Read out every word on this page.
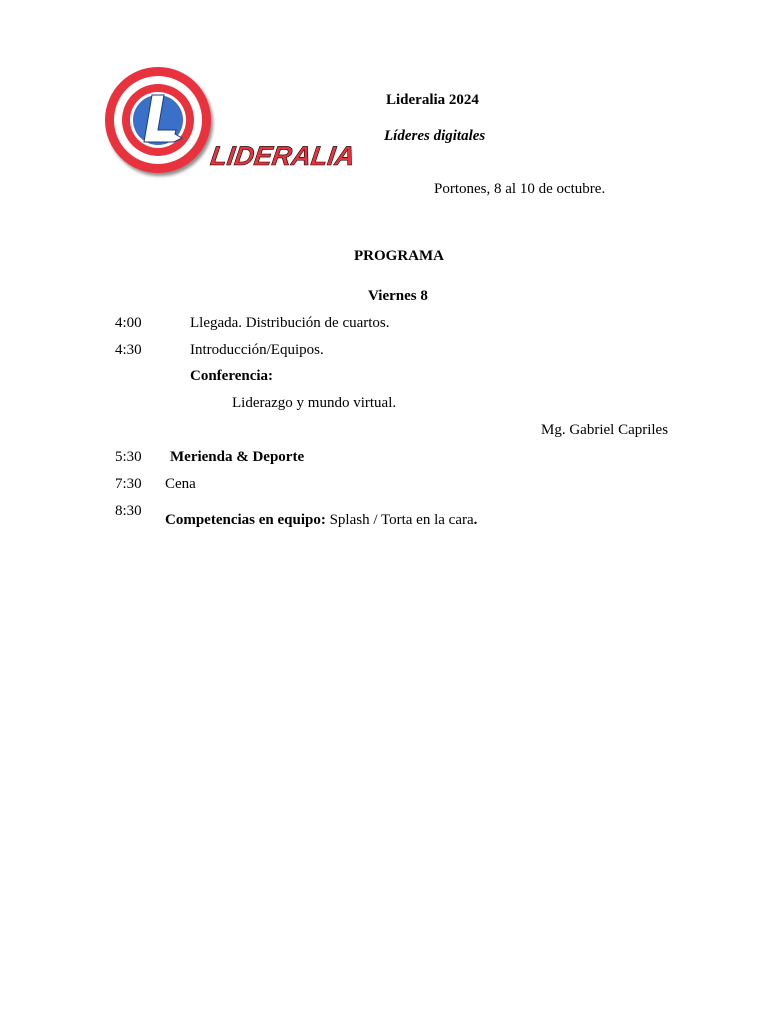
LIDERALIA
Lideralia 2024
Líderes digitales
Portones, 8 al 10 de octubre.
PROGRAMA
Viernes 8
4:00	Llegada. Distribución de cuartos.
4:30	Introducción/Equipos.
Conferencia:
Liderazgo y mundo virtual.
Mg. Gabriel Capriles
5:30 Merienda & Deporte
7:30 Cena
8:30
Competencias en equipo: Splash / Torta en la cara.
